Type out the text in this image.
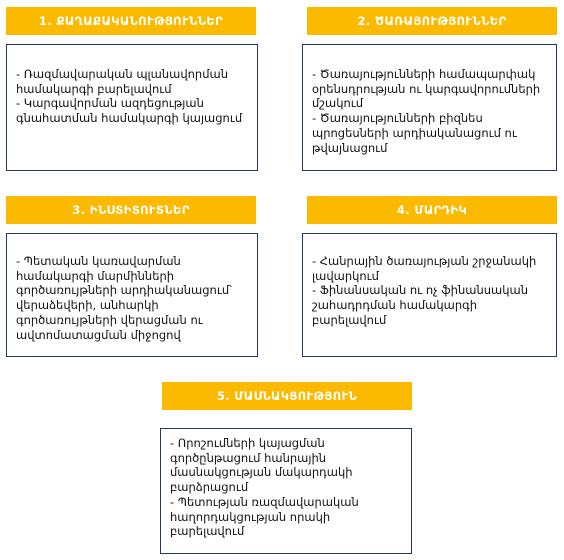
1. ՔԱՂԱՔԱԿԱՆՈՒԹՅՈՒՆՆԵՐ
- Ռազմավարական պլանավորման համակարգի բարելավում
- Կարգավորման ազդեցության գնահատման համակարգի կայացում
2. ԾԱՌԱՅՈՒԹՅՈՒՆՆԵՐ
- Ծառայությունների համապարփակ օրենսդրության ու կարգավորումների մշակում
- Ծառայությունների բիզնես պրոցեսների արդիականացում ու թվայնացում
3. ԻՆՍՏԻՏՈՒՏՆԵՐ
- Պետական կառավարման համակարգի մարմինների գործառույթների արդիականացում՝ վերաձեվերի, անհարկի գործառույթների վերացման ու ավտոմատացման միջոցով
4. ՄԱՐԴԻԿ
- Հանրային ծառայության շրջանակի լավարկում
- Ֆինանսական ու ոչ ֆինանսական շահադրդման համակարգի բարելավում
5. ՄԱՍՆԱԿՑՈՒԹՅՈՒՆ
- Որոշումների կայացման գործընթացում հանրային մասնակցության մակարդակի բարձրացում
- Պետության ռազմավարական հաղորդակցության որակի բարելավում
